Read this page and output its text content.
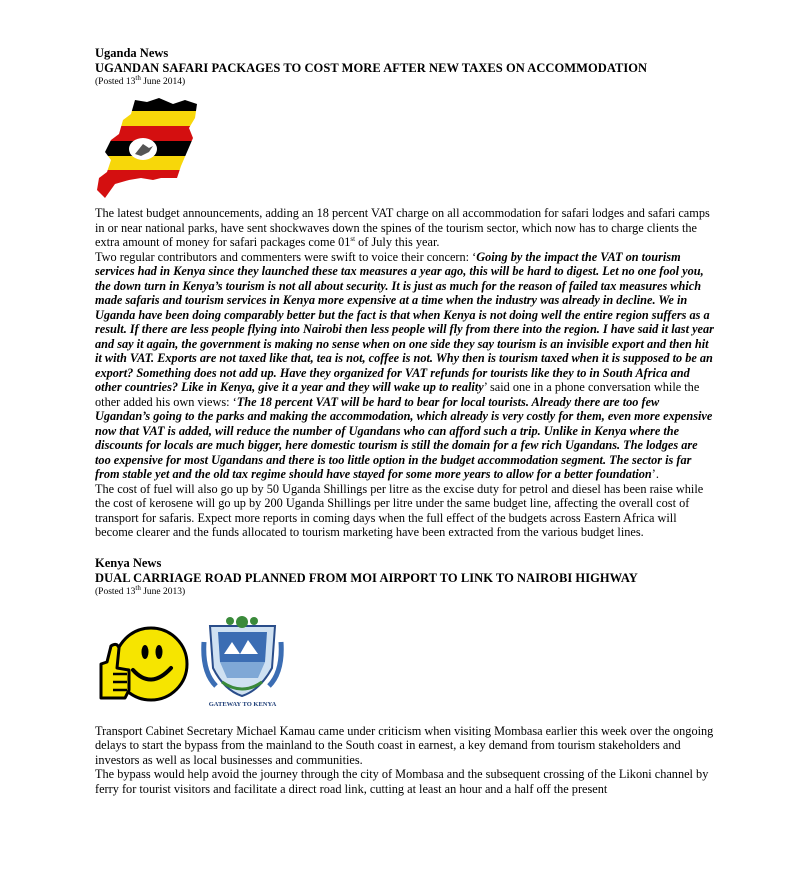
Uganda News
UGANDAN SAFARI PACKAGES TO COST MORE AFTER NEW TAXES ON ACCOMMODATION
(Posted 13th June 2014)

The latest budget announcements, adding an 18 percent VAT charge on all accommodation for safari lodges and safari camps in or near national parks, have sent shockwaves down the spines of the tourism sector, which now has to charge clients the extra amount of money for safari packages come 01st of July this year.

Two regular contributors and commenters were swift to voice their concern: ‘Going by the impact the VAT on tourism services had in Kenya since they launched these tax measures a year ago, this will be hard to digest. Let no one fool you, the down turn in Kenya’s tourism is not all about security. It is just as much for the reason of failed tax measures which made safaris and tourism services in Kenya more expensive at a time when the industry was already in decline. We in Uganda have been doing comparably better but the fact is that when Kenya is not doing well the entire region suffers as a result. If there are less people flying into Nairobi then less people will fly from there into the region. I have said it last year and say it again, the government is making no sense when on one side they say tourism is an invisible export and then hit it with VAT. Exports are not taxed like that, tea is not, coffee is not. Why then is tourism taxed when it is supposed to be an export? Something does not add up. Have they organized for VAT refunds for tourists like they to in South Africa and other countries? Like in Kenya, give it a year and they will wake up to reality’ said one in a phone conversation while the other added his own views: ‘The 18 percent VAT will be hard to bear for local tourists. Already there are too few Ugandan’s going to the parks and making the accommodation, which already is very costly for them, even more expensive now that VAT is added, will reduce the number of Ugandans who can afford such a trip. Unlike in Kenya where the discounts for locals are much bigger, here domestic tourism is still the domain for a few rich Ugandans. The lodges are too expensive for most Ugandans and there is too little option in the budget accommodation segment. The sector is far from stable yet and the old tax regime should have stayed for some more years to allow for a better foundation’.

The cost of fuel will also go up by 50 Uganda Shillings per litre as the excise duty for petrol and diesel has been raise while the cost of kerosene will go up by 200 Uganda Shillings per litre under the same budget line, affecting the overall cost of transport for safaris. Expect more reports in coming days when the full effect of the budgets across Eastern Africa will become clearer and the funds allocated to tourism marketing have been extracted from the various budget lines.

Kenya News
DUAL CARRIAGE ROAD PLANNED FROM MOI AIRPORT TO LINK TO NAIROBI HIGHWAY
(Posted 13th June 2013)
GATEWAY TO KENYA

Transport Cabinet Secretary Michael Kamau came under criticism when visiting Mombasa earlier this week over the ongoing delays to start the bypass from the mainland to the South coast in earnest, a key demand from tourism stakeholders and investors as well as local businesses and communities.

The bypass would help avoid the journey through the city of Mombasa and the subsequent crossing of the Likoni channel by ferry for tourist visitors and facilitate a direct road link, cutting at least an hour and a half off the present
